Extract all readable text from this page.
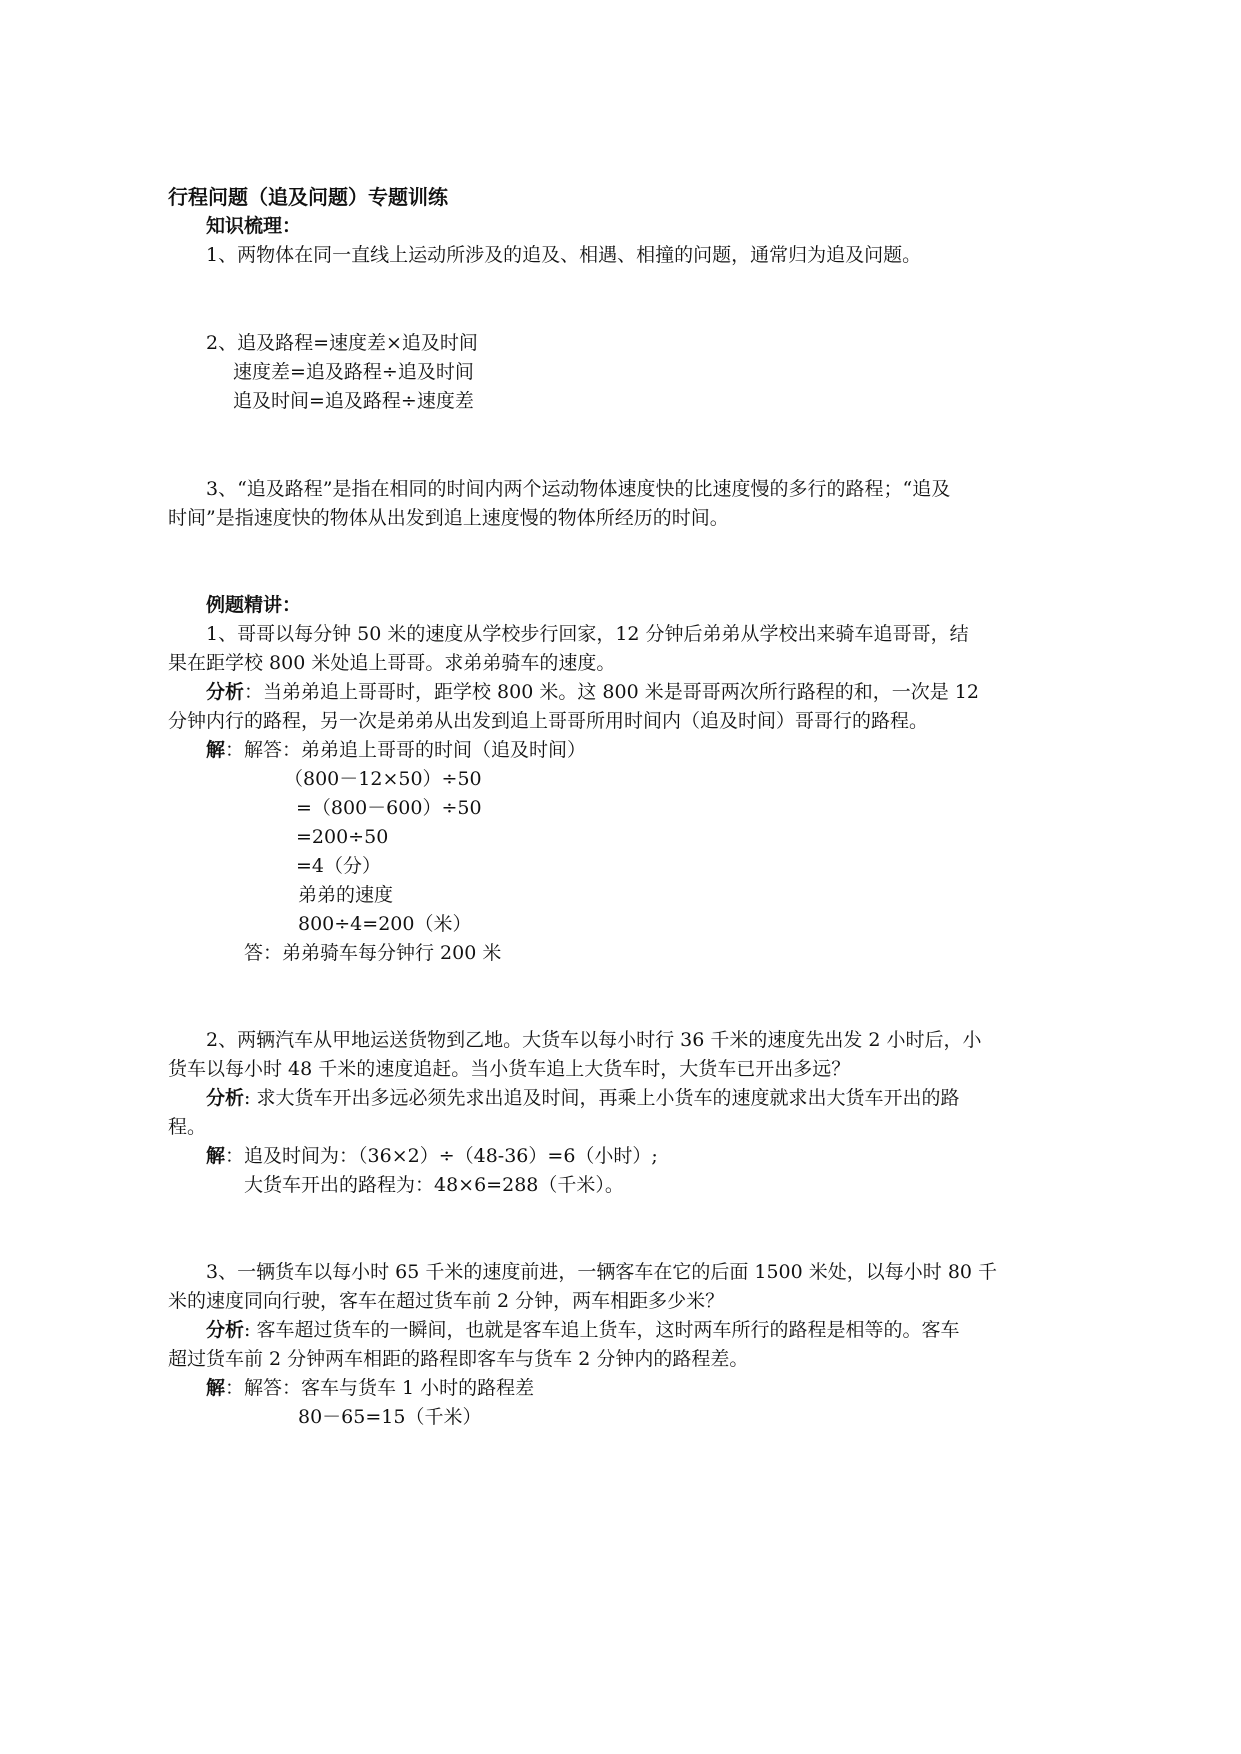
行程问题（追及问题）专题训练
知识梳理：
1、两物体在同一直线上运动所涉及的追及、相遇、相撞的问题，通常归为追及问题。
2、追及路程=速度差×追及时间
速度差=追及路程÷追及时间
追及时间=追及路程÷速度差
3、“追及路程”是指在相同的时间内两个运动物体速度快的比速度慢的多行的路程；“追及
时间”是指速度快的物体从出发到追上速度慢的物体所经历的时间。
例题精讲：
1、哥哥以每分钟 50 米的速度从学校步行回家，12 分钟后弟弟从学校出来骑车追哥哥，结
果在距学校 800 米处追上哥哥。求弟弟骑车的速度。
分析：当弟弟追上哥哥时，距学校 800 米。这 800 米是哥哥两次所行路程的和，一次是 12
分钟内行的路程，另一次是弟弟从出发到追上哥哥所用时间内（追及时间）哥哥行的路程。
解：解答：弟弟追上哥哥的时间（追及时间）
（800－12×50）÷50
=（800－600）÷50
=200÷50
=4（分）
弟弟的速度
800÷4=200（米）
答：弟弟骑车每分钟行 200 米
2、两辆汽车从甲地运送货物到乙地。大货车以每小时行 36 千米的速度先出发 2 小时后，小
货车以每小时 48 千米的速度追赶。当小货车追上大货车时，大货车已开出多远？
分析: 求大货车开出多远必须先求出追及时间，再乘上小货车的速度就求出大货车开出的路
程。
解：追及时间为：（36×2）÷（48-36）=6（小时）;
大货车开出的路程为：48×6=288（千米）。
3、一辆货车以每小时 65 千米的速度前进，一辆客车在它的后面 1500 米处，以每小时 80 千
米的速度同向行驶，客车在超过货车前 2 分钟，两车相距多少米？
分析: 客车超过货车的一瞬间，也就是客车追上货车，这时两车所行的路程是相等的。客车
超过货车前 2 分钟两车相距的路程即客车与货车 2 分钟内的路程差。
解：解答：客车与货车 1 小时的路程差
80－65=15（千米）
